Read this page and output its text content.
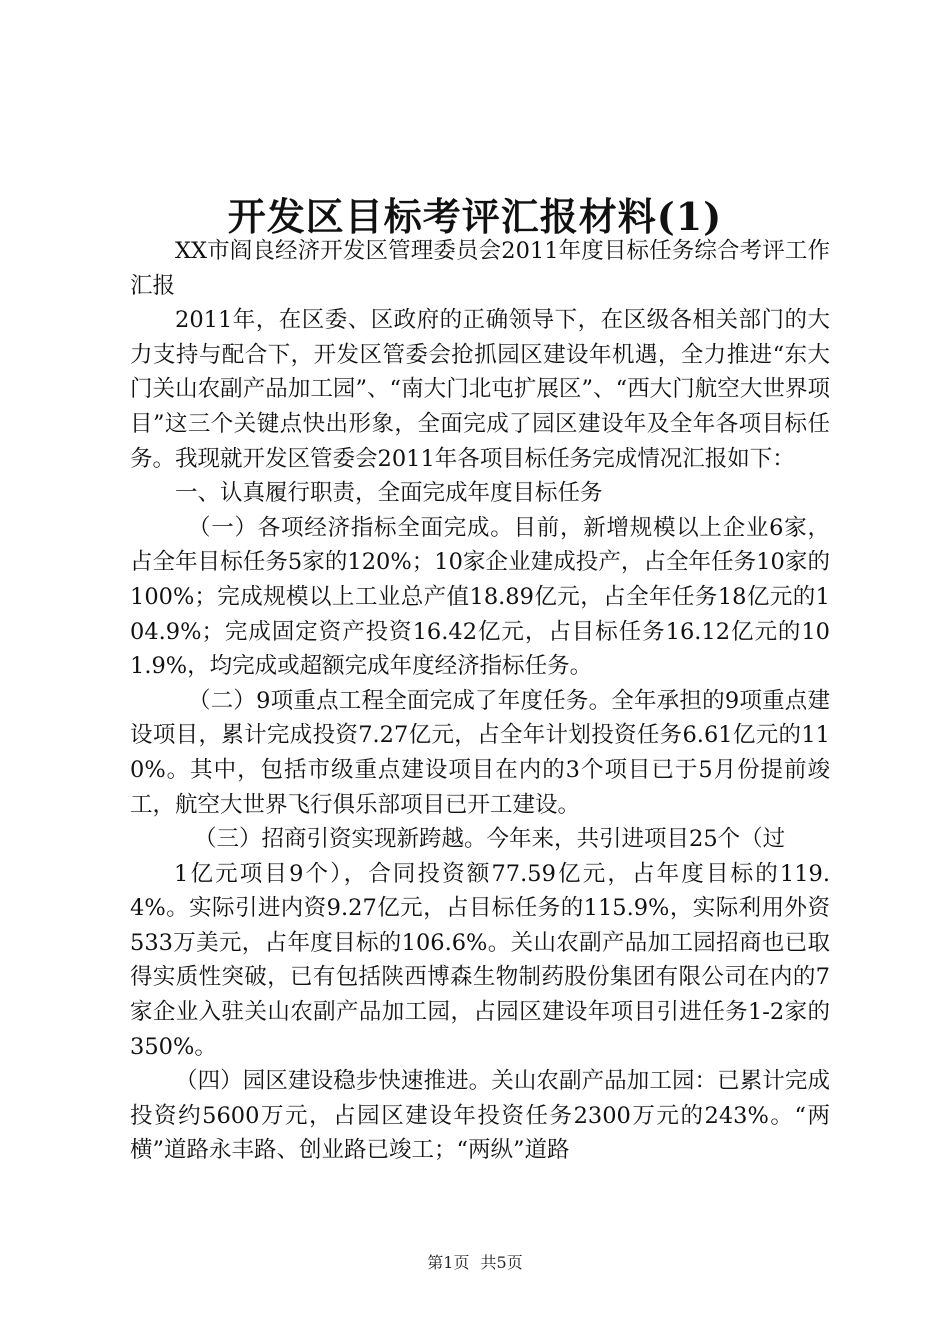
开发区目标考评汇报材料(1)

XX市阎良经济开发区管理委员会2011年度目标任务综合考评工作汇报

2011年，在区委、区政府的正确领导下，在区级各相关部门的大力支持与配合下，开发区管委会抢抓园区建设年机遇，全力推进“东大门关山农副产品加工园”、“南大门北屯扩展区”、“西大门航空大世界项目”这三个关键点快出形象，全面完成了园区建设年及全年各项目标任务。我现就开发区管委会2011年各项目标任务完成情况汇报如下：

一、认真履行职责，全面完成年度目标任务

（一）各项经济指标全面完成。目前，新增规模以上企业6家，占全年目标任务5家的120%；10家企业建成投产，占全年任务10家的100%；完成规模以上工业总产值18.89亿元，占全年任务18亿元的104.9%；完成固定资产投资16.42亿元，占目标任务16.12亿元的101.9%，均完成或超额完成年度经济指标任务。

（二）9项重点工程全面完成了年度任务。全年承担的9项重点建设项目，累计完成投资7.27亿元，占全年计划投资任务6.61亿元的110%。其中，包括市级重点建设项目在内的3个项目已于5月份提前竣工，航空大世界飞行俱乐部项目已开工建设。

（三）招商引资实现新跨越。今年来，共引进项目25个（过

1亿元项目9个），合同投资额77.59亿元，占年度目标的119.4%。实际引进内资9.27亿元，占目标任务的115.9%，实际利用外资533万美元，占年度目标的106.6%。关山农副产品加工园招商也已取得实质性突破，已有包括陕西博森生物制药股份集团有限公司在内的7家企业入驻关山农副产品加工园，占园区建设年项目引进任务1-2家的350%。

（四）园区建设稳步快速推进。关山农副产品加工园：已累计完成投资约5600万元，占园区建设年投资任务2300万元的243%。“两横”道路永丰路、创业路已竣工；“两纵”道路

第1页 共5页
